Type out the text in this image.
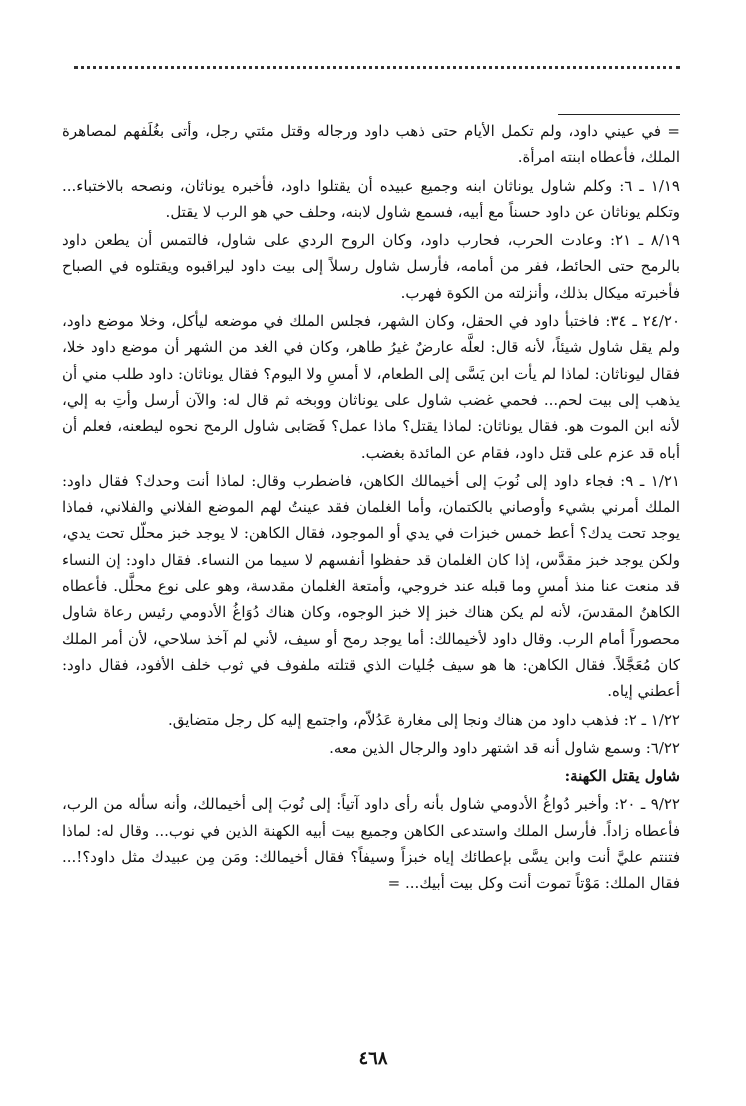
= في عيني داود، ولم تكمل الأيام حتى ذهب داود ورجاله وقتل مئتي رجل، وأتى بغُلَفهم لمصاهرة الملك، فأعطاه ابنته امرأة.

١/١٩ ـ ٦: وكلم شاول يوناثان ابنه وجميع عبيده أن يقتلوا داود، فأخبره يوناثان، ونصحه بالاختباء... وتكلم يوناثان عن داود حسناً مع أبيه، فسمع شاول لابنه، وحلف حي هو الرب لا يقتل.

٨/١٩ ـ ٢١: وعادت الحرب، فحارب داود، وكان الروح الردي على شاول، فالتمس أن يطعن داود بالرمح حتى الحائط، ففر من أمامه، فأرسل شاول رسلاً إلى بيت داود ليراقبوه ويقتلوه في الصباح فأخبرته ميكال بذلك، وأنزلته من الكوة فهرب.

٢٤/٢٠ ـ ٣٤: فاختبأ داود في الحقل، وكان الشهر، فجلس الملك في موضعه ليأكل، وخلا موضع داود، ولم يقل شاول شيئاً، لأنه قال: لعلَّه عارضٌ غيرُ طاهر، وكان في الغد من الشهر أن موضع داود خلا، فقال ليوناثان: لماذا لم يأت ابن يَسَّى إلى الطعام، لا أمسِ ولا اليوم؟ فقال يوناثان: داود طلب مني أن يذهب إلى بيت لحم... فحمي غضب شاول على يوناثان ووبخه ثم قال له: والآن أرسل وأتِ به إلي، لأنه ابن الموت هو. فقال يوناثان: لماذا يقتل؟ ماذا عمل؟ فَصَابى شاول الرمح نحوه ليطعنه، فعلم أن أباه قد عزم على قتل داود، فقام عن المائدة بغضب.

١/٢١ ـ ٩: فجاء داود إلى نُوبَ إلى أخيمالك الكاهن، فاضطرب وقال: لماذا أنت وحدك؟ فقال داود: الملك أمرني بشيء وأوصاني بالكتمان، وأما الغلمان فقد عينتُ لهم الموضع الفلاني والفلاني، فماذا يوجد تحت يدك؟ أعط خمس خبزات في يدي أو الموجود، فقال الكاهن: لا يوجد خبز محلّل تحت يدي، ولكن يوجد خبز مقدَّس، إذا كان الغلمان قد حفظوا أنفسهم لا سيما من النساء. فقال داود: إن النساء قد منعت عنا منذ أمسِ وما قبله عند خروجي، وأمتعة الغلمان مقدسة، وهو على نوع محلَّل. فأعطاه الكاهنُ المقدسَ، لأنه لم يكن هناك خبز إلا خبز الوجوه، وكان هناك دُوَاغُ الأدومي رئيس رعاة شاول محصوراً أمام الرب. وقال داود لأخيمالك: أما يوجد رمح أو سيف، لأني لم آخذ سلاحي، لأن أمر الملك كان مُعَجَّلاً. فقال الكاهن: ها هو سيف جُليات الذي قتلته ملفوف في ثوب خلف الأفود، فقال داود: أعطني إياه.

١/٢٢ ـ ٢: فذهب داود من هناك ونجا إلى مغارة عَدُلاّم، واجتمع إليه كل رجل متضايق.

٦/٢٢: وسمع شاول أنه قد اشتهر داود والرجال الذين معه.

شاول يقتل الكهنة:

٩/٢٢ ـ ٢٠: وأخبر دُواغُ الأدومي شاول بأنه رأى داود آتياً: إلى نُوبَ إلى أخيمالك، وأنه سأله من الرب، فأعطاه زاداً. فأرسل الملك واستدعى الكاهن وجميع بيت أبيه الكهنة الذين في نوب... وقال له: لماذا فتنتم عليَّ أنت وابن يسَّى بإعطائك إياه خبزاً وسيفاً؟ فقال أخيمالك: ومَن مِن عبيدك مثل داود؟!... فقال الملك: مَوْتاً تموت أنت وكل بيت أبيك... =

٤٦٨
